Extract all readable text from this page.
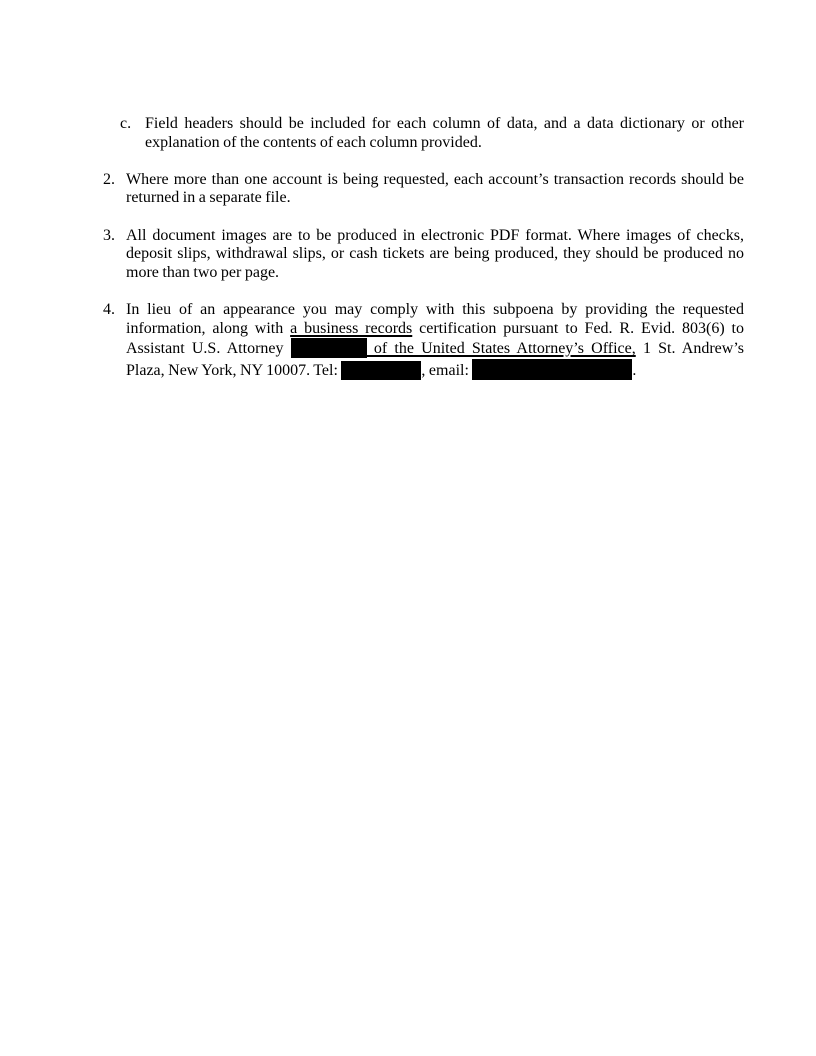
c. Field headers should be included for each column of data, and a data dictionary or other
explanation of the contents of each column provided.
2. Where more than one account is being requested, each account’s transaction records should be
returned in a separate file.
3. All document images are to be produced in electronic PDF format. Where images of checks,
deposit slips, withdrawal slips, or cash tickets are being produced, they should be produced no
more than two per page.
4. In lieu of an appearance you may comply with this subpoena by providing the requested
information, along with a business records certification pursuant to Fed. R. Evid. 803(6) to
Assistant U.S. Attorney	of the United States Attorney’s Office, 1 St. Andrew’s
Plaza, New York, NY 10007. Tel:	, email:	.
